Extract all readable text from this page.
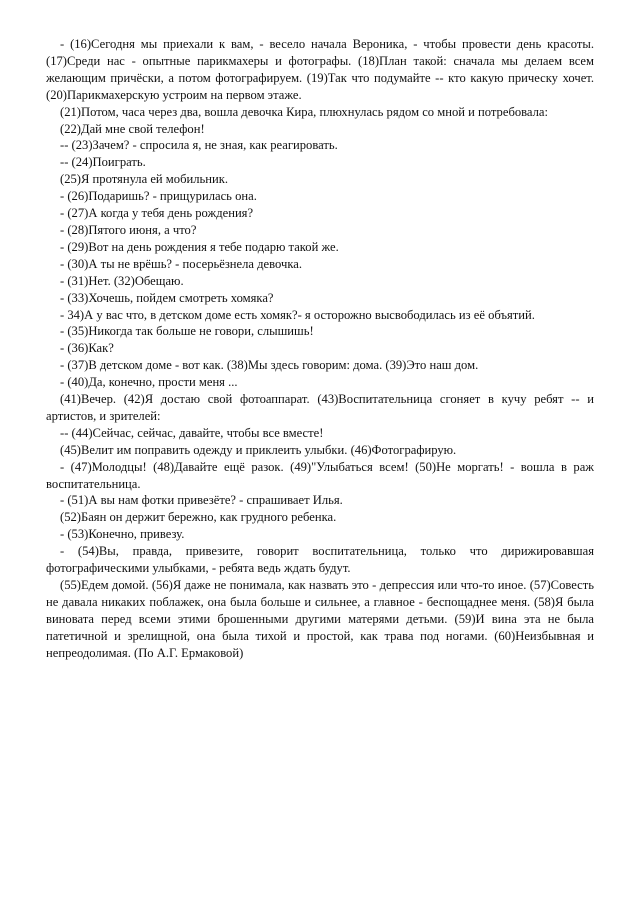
- (16)Сегодня мы приехали к вам, - весело начала Вероника, - чтобы провести день красоты. (17)Среди нас - опытные парикмахеры и фотографы. (18)План такой: сначала мы делаем всем желающим причёски, а потом фотографируем. (19)Так что подумайте -- кто какую прическу хочет. (20)Парикмахерскую устроим на первом этаже.

(21)Потом, часа через два, вошла девочка Кира, плюхнулась рядом со мной и потребовала:

(22)Дай мне свой телефон!

-- (23)Зачем? - спросила я, не зная, как реагировать.

-- (24)Поиграть.

(25)Я протянула ей мобильник.

- (26)Подаришь? - прищурилась она.

- (27)А когда у тебя день рождения?

- (28)Пятого июня, а что?

- (29)Вот на день рождения я тебе подарю такой же.

- (30)А ты не врёшь? - посерьёзнела девочка.

- (31)Нет. (32)Обещаю.

- (33)Хочешь, пойдем смотреть хомяка?

- 34)А у вас что, в детском доме есть хомяк?- я осторожно высвободилась из её объятий.

- (35)Никогда так больше не говори, слышишь!

- (36)Как?

- (37)В детском доме - вот как. (38)Мы здесь говорим: дома. (39)Это наш дом.

- (40)Да, конечно, прости меня ...

(41)Вечер. (42)Я достаю свой фотоаппарат. (43)Воспитательница сгоняет в кучу ребят -- и артистов, и зрителей:

-- (44)Сейчас, сейчас, давайте, чтобы все вместе!

(45)Велит им поправить одежду и приклеить улыбки. (46)Фотографирую.

- (47)Молодцы! (48)Давайте ещё разок. (49)"Улыбаться всем! (50)Не моргать! - вошла в раж воспитательница.

- (51)А вы нам фотки привезёте? - спрашивает Илья.

(52)Баян он держит бережно, как грудного ребенка.

- (53)Конечно, привезу.

- (54)Вы, правда, привезите, говорит воспитательница, только что дирижировавшая фотографическими улыбками, - ребята ведь ждать будут.

(55)Едем домой. (56)Я даже не понимала, как назвать это - депрессия или что-то иное. (57)Совесть не давала никаких поблажек, она была больше и сильнее, а главное - беспощаднее меня. (58)Я была виновата перед всеми этими брошенными другими матерями детьми. (59)И вина эта не была патетичной и зрелищной, она была тихой и простой, как трава под ногами. (60)Неизбывная и непреодолимая. (По А.Г. Ермаковой)
